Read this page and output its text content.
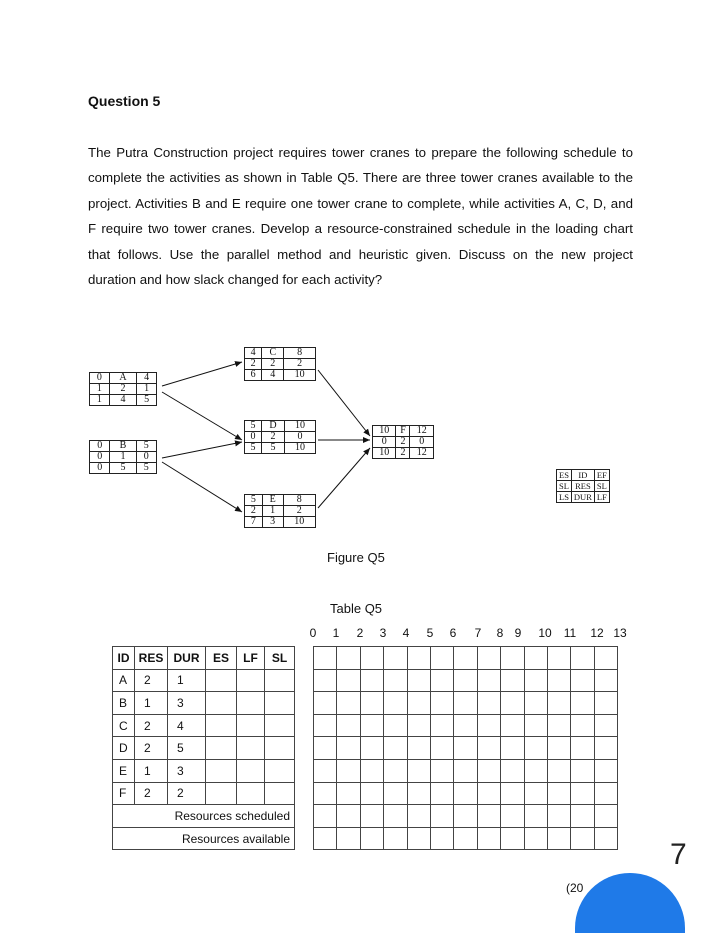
Question 5
The Putra Construction project requires tower cranes to prepare the following schedule to complete the activities as shown in Table Q5. There are three tower cranes available to the project. Activities B and E require one tower crane to complete, while activities A, C, D, and F require two tower cranes. Develop a resource-constrained schedule in the loading chart that follows. Use the parallel method and heuristic given. Discuss on the new project duration and how slack changed for each activity?
0	A	4
1	2	1
1	4	5
0	B	5
0	1	0
0	5	5
4	C	8
2	2	2
6	4	10
5	D	10
0	2	0
5	5	10
5	E	8
2	1	2
7	3	10
10	F	12
0	2	0
10	2	12
ES	ID	EF
SL	RES	SL
LS	DUR	LF
Figure Q5
Table Q5
0 1 2 3 4 5 6 7 8 9 10 11 12 13
ID	RES	DUR	ES	LF	SL
A	2	1			
B	1	3			
C	2	4			
D	2	5			
E	1	3			
F	2	2			
Resources scheduled					
Resources available					

													7
(20
